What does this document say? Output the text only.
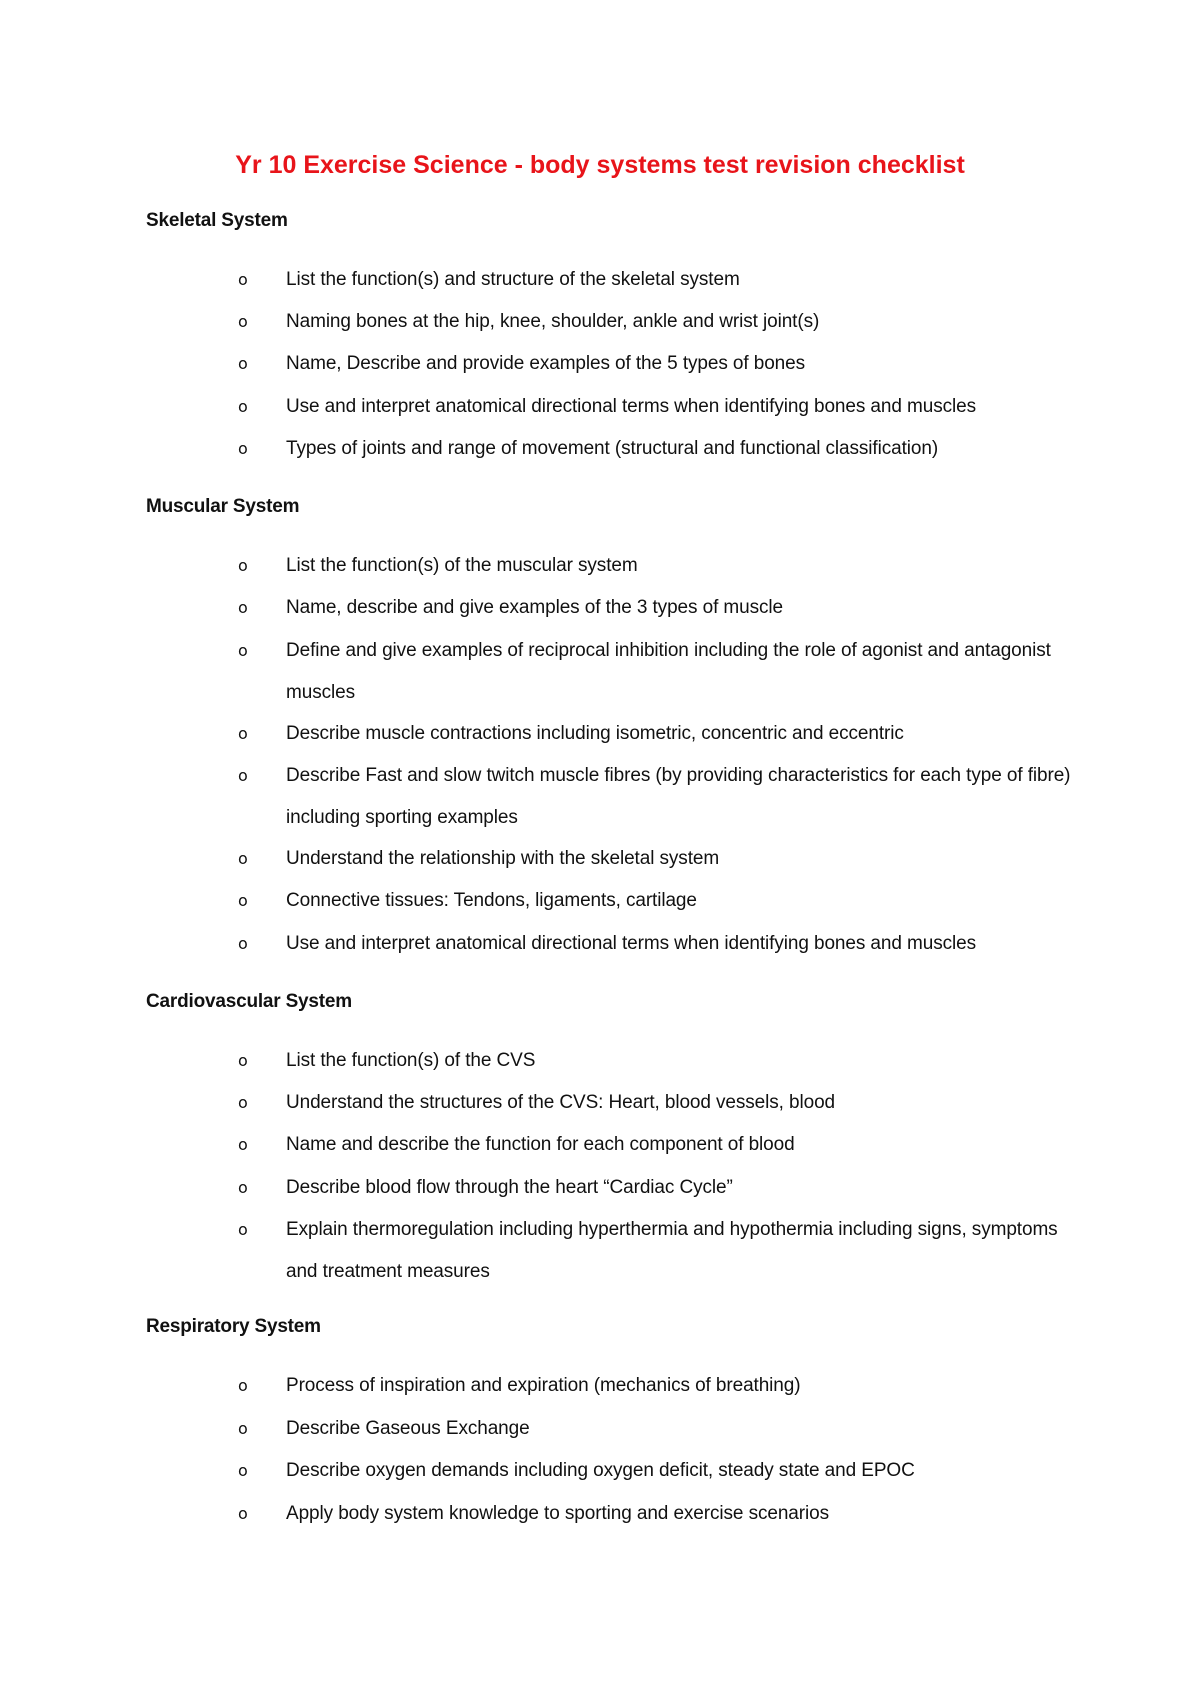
Yr 10 Exercise Science - body systems test revision checklist
Skeletal System
o	List the function(s) and structure of the skeletal system
o	Naming bones at the hip, knee, shoulder, ankle and wrist joint(s)
o	Name, Describe and provide examples of the 5 types of bones
o	Use and interpret anatomical directional terms when identifying bones and muscles
o	Types of joints and range of movement (structural and functional classification)
Muscular System
o	List the function(s) of the muscular system
o	Name, describe and give examples of the 3 types of muscle
o	Define and give examples of reciprocal inhibition including the role of agonist and antagonist muscles
o	Describe muscle contractions including isometric, concentric and eccentric
o	Describe Fast and slow twitch muscle fibres (by providing characteristics for each type of fibre) including sporting examples
o	Understand the relationship with the skeletal system
o	Connective tissues: Tendons, ligaments, cartilage
o	Use and interpret anatomical directional terms when identifying bones and muscles
Cardiovascular System
o	List the function(s) of the CVS
o	Understand the structures of the CVS: Heart, blood vessels, blood
o	Name and describe the function for each component of blood
o	Describe blood flow through the heart “Cardiac Cycle”
o	Explain thermoregulation including hyperthermia and hypothermia including signs, symptoms and treatment measures
Respiratory System
o	Process of inspiration and expiration (mechanics of breathing)
o	Describe Gaseous Exchange
o	Describe oxygen demands including oxygen deficit, steady state and EPOC
o	Apply body system knowledge to sporting and exercise scenarios
